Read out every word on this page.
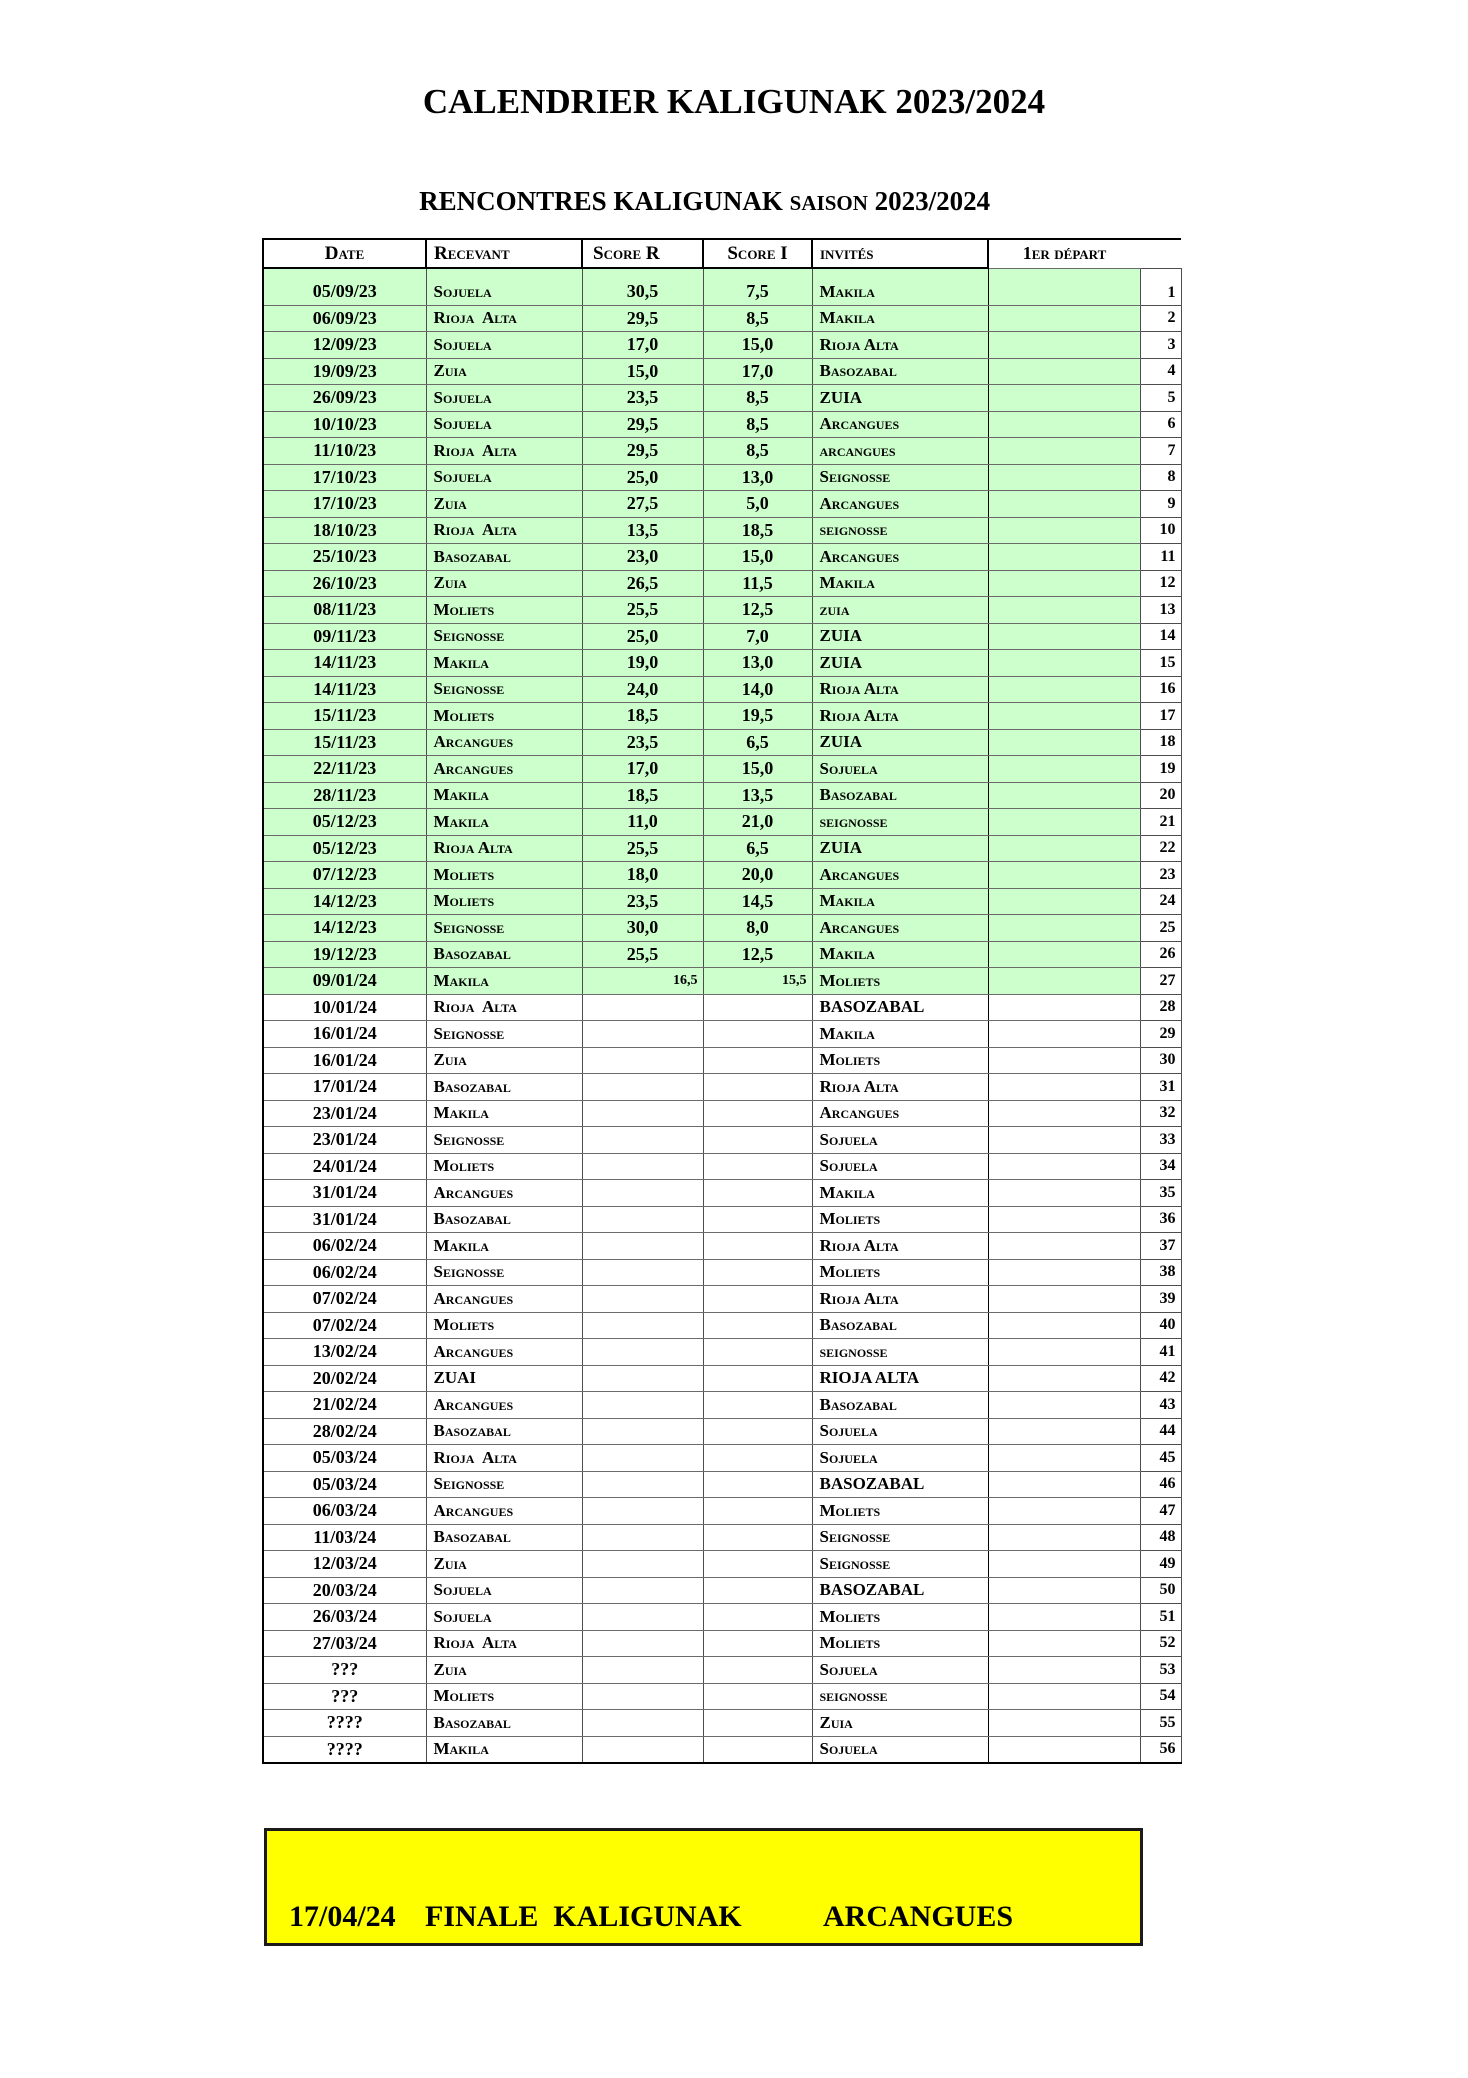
CALENDRIER KALIGUNAK 2023/2024
RENCONTRES KALIGUNAK SAISON 2023/2024
Date	Recevant	Score R	Score I	invités	1er départ	
05/09/23	Sojuela	30,5	7,5	Makila		1
06/09/23	Rioja  Alta	29,5	8,5	Makila		2
12/09/23	Sojuela	17,0	15,0	Rioja Alta		3
19/09/23	Zuia	15,0	17,0	Basozabal		4
26/09/23	Sojuela	23,5	8,5	ZUIA		5
10/10/23	Sojuela	29,5	8,5	Arcangues		6
11/10/23	Rioja  Alta	29,5	8,5	arcangues		7
17/10/23	Sojuela	25,0	13,0	Seignosse		8
17/10/23	Zuia	27,5	5,0	Arcangues		9
18/10/23	Rioja  Alta	13,5	18,5	seignosse		10
25/10/23	Basozabal	23,0	15,0	Arcangues		11
26/10/23	Zuia	26,5	11,5	Makila		12
08/11/23	Moliets	25,5	12,5	zuia		13
09/11/23	Seignosse	25,0	7,0	ZUIA		14
14/11/23	Makila	19,0	13,0	ZUIA		15
14/11/23	Seignosse	24,0	14,0	Rioja Alta		16
15/11/23	Moliets	18,5	19,5	Rioja Alta		17
15/11/23	Arcangues	23,5	6,5	ZUIA		18
22/11/23	Arcangues	17,0	15,0	Sojuela		19
28/11/23	Makila	18,5	13,5	Basozabal		20
05/12/23	Makila	11,0	21,0	seignosse		21
05/12/23	Rioja Alta	25,5	6,5	ZUIA		22
07/12/23	Moliets	18,0	20,0	Arcangues		23
14/12/23	Moliets	23,5	14,5	Makila		24
14/12/23	Seignosse	30,0	8,0	Arcangues		25
19/12/23	Basozabal	25,5	12,5	Makila		26
09/01/24	Makila	16,5	15,5	Moliets		27
10/01/24	Rioja  Alta			BASOZABAL		28
16/01/24	Seignosse			Makila		29
16/01/24	Zuia			Moliets		30
17/01/24	Basozabal			Rioja Alta		31
23/01/24	Makila			Arcangues		32
23/01/24	Seignosse			Sojuela		33
24/01/24	Moliets			Sojuela		34
31/01/24	Arcangues			Makila		35
31/01/24	Basozabal			Moliets		36
06/02/24	Makila			Rioja Alta		37
06/02/24	Seignosse			Moliets		38
07/02/24	Arcangues			Rioja Alta		39
07/02/24	Moliets			Basozabal		40
13/02/24	Arcangues			seignosse		41
20/02/24	ZUAI			RIOJA ALTA		42
21/02/24	Arcangues			Basozabal		43
28/02/24	Basozabal			Sojuela		44
05/03/24	Rioja  Alta			Sojuela		45
05/03/24	Seignosse			BASOZABAL		46
06/03/24	Arcangues			Moliets		47
11/03/24	Basozabal			Seignosse		48
12/03/24	Zuia			Seignosse		49
20/03/24	Sojuela			BASOZABAL		50
26/03/24	Sojuela			Moliets		51
27/03/24	Rioja  Alta			Moliets		52
???	Zuia			Sojuela		53
???	Moliets			seignosse		54
????	Basozabal			Zuia		55
????	Makila			Sojuela		56
17/04/24 FINALE  KALIGUNAK	ARCANGUES
